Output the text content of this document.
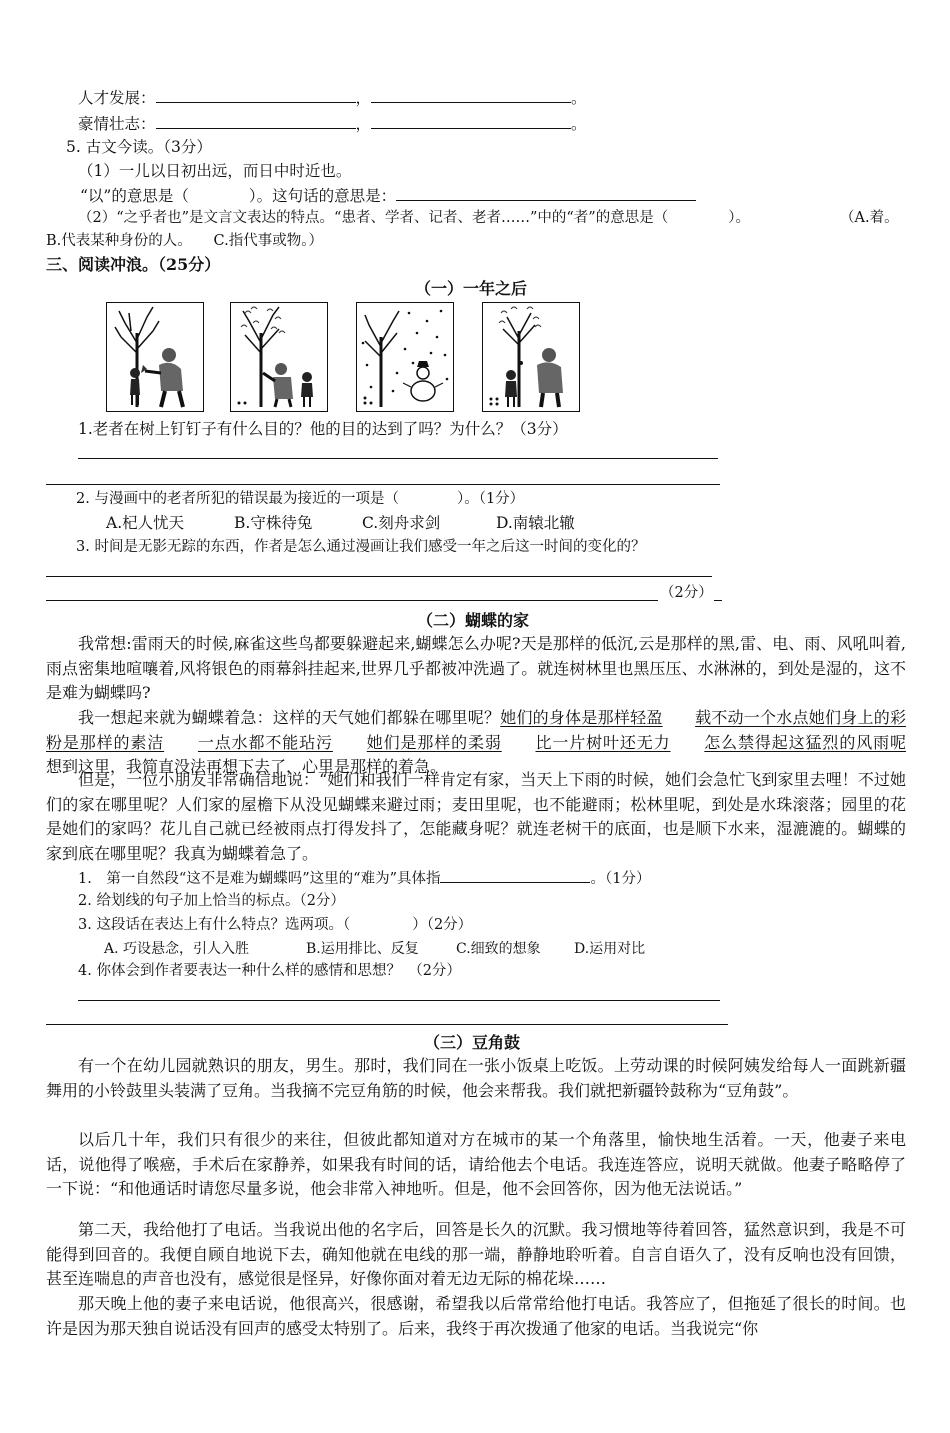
人才发展：	，	。
豪情壮志：	，	。
5. 古文今读。（3分）
（1）一儿以日初出远，而日中时近也。
“以”的意思是（	）。这句话的意思是：
（2）“之乎者也”是文言文表达的特点。“患者、学者、记者、老者……”中的“者”的意思是（	）。	（A.着。
B.代表某种身份的人。　　C.指代事或物。）
三、阅读冲浪。（25分）
（一）一年之后
1.老者在树上钉钉子有什么目的？他的目的达到了吗？为什么？（3分）
2. 与漫画中的老者所犯的错误最为接近的一项是（	）。（1分）
A.杞人忧天	B.守株待兔	C.刻舟求剑	D.南辕北辙
3. 时间是无影无踪的东西，作者是怎么通过漫画让我们感受一年之后这一时间的变化的？
（2分）
（二）蝴蝶的家
我常想:雷雨天的时候,麻雀这些鸟都要躲避起来,蝴蝶怎么办呢?天是那样的低沉,云是那样的黑,雷、电、雨、风吼叫着,雨点密集地喧嚷着,风将银色的雨幕斜挂起来,世界几乎都被冲洗過了。就连树林里也黑压压、水淋淋的，到处是湿的，这不是难为蝴蝶吗?
我一想起来就为蝴蝶着急：这样的天气她们都躲在哪里呢？她们的身体是那样轻盈　　 载不动一个水点她们身上的彩粉是那样的素洁　　 一点水都不能玷污　　 她们是那样的柔弱　　 比一片树叶还无力　　 怎么禁得起这猛烈的风雨呢　　想到这里，我简直没法再想下去了，心里是那样的着急。
但是，一位小朋友非常确信地说：“她们和我们一样肯定有家，当天上下雨的时候，她们会急忙飞到家里去哩！不过她们的家在哪里呢？人们家的屋檐下从没见蝴蝶来避过雨；麦田里呢，也不能避雨；松林里呢，到处是水珠滚落；园里的花是她们的家吗？花儿自己就已经被雨点打得发抖了，怎能藏身呢？就连老树干的底面，也是顺下水来，湿漉漉的。蝴蝶的家到底在哪里呢？我真为蝴蝶着急了。
1.　第一自然段“这不是难为蝴蝶吗”这里的“难为”具体指	。（1分）
2. 给划线的句子加上恰当的标点。（2分）
3. 这段话在表达上有什么特点？选两项。（	）（2分）
A. 巧设悬念，引人入胜	B.运用排比、反复	C.细致的想象 D.运用对比
4. 你体会到作者要表达一种什么样的感情和思想？　（2分）
（三）豆角鼓
有一个在幼儿园就熟识的朋友，男生。那时，我们同在一张小饭桌上吃饭。上劳动课的时候阿姨发给每人一面跳新疆舞用的小铃鼓里头装满了豆角。当我摘不完豆角筋的时候，他会来帮我。我们就把新疆铃鼓称为“豆角鼓”。
以后几十年，我们只有很少的来往，但彼此都知道对方在城市的某一个角落里，愉快地生活着。一天，他妻子来电话，说他得了喉癌，手术后在家静养，如果我有时间的话，请给他去个电话。我连连答应，说明天就做。他妻子略略停了一下说：“和他通话时请您尽量多说，他会非常入神地听。但是，他不会回答你，因为他无法说话。”
第二天，我给他打了电话。当我说出他的名字后，回答是长久的沉默。我习惯地等待着回答，猛然意识到，我是不可能得到回音的。我便自顾自地说下去，确知他就在电线的那一端，静静地聆听着。自言自语久了，没有反响也没有回馈，甚至连喘息的声音也没有，感觉很是怪异，好像你面对着无边无际的棉花垛……
那天晚上他的妻子来电话说，他很高兴，很感谢，希望我以后常常给他打电话。我答应了，但拖延了很长的时间。也许是因为那天独自说话没有回声的感受太特别了。后来，我终于再次拨通了他家的电话。当我说完“你
